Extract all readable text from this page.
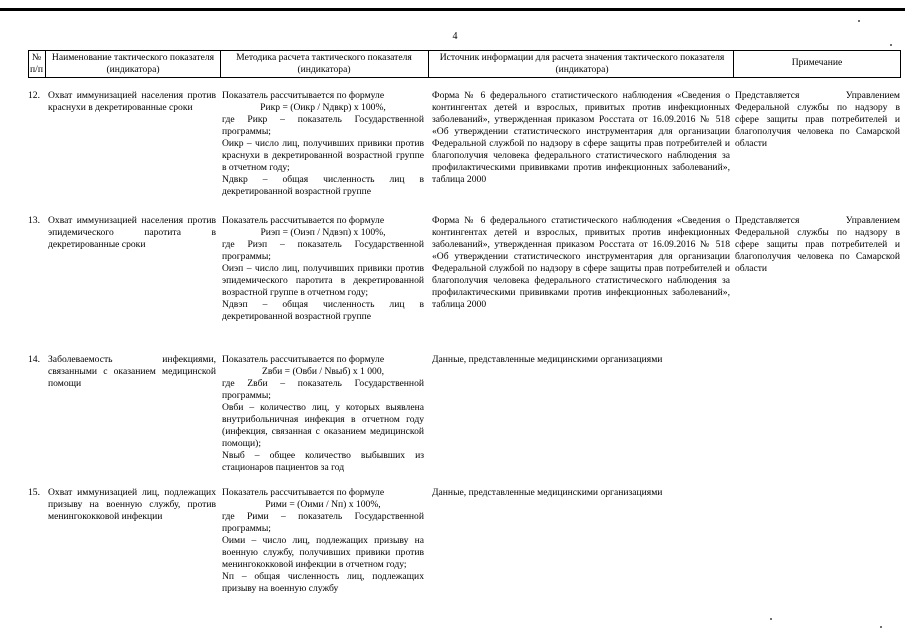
4
№ п/п
Наименование тактического показателя (индикатора)
Методика расчета тактического показателя (индикатора)
Источник информации для расчета значения тактического показателя (индикатора)
Примечание
12. Охват иммунизацией населения против краснухи в декретированные сроки

Показатель рассчитывается по формуле

Pикр = (Oикр / Nдвкр) x 100%,

где Pикр – показатель Государственной программы;

Oикр – число лиц, получивших привики против краснухи в декретированной возрастной группе в отчетном году;

Nдвкр – общая численность лиц в декретированной возрастной группе

Форма № 6 федерального статистического наблюдения «Сведения о контингентах детей и взрослых, привитых против инфекционных заболеваний», утвержденная приказом Росстата от 16.09.2016 № 518 «Об утверждении статистического инструментария для организации Федеральной службой по надзору в сфере защиты прав потребителей и благополучия человека федерального статистического наблюдения за профилактическими прививками против инфекционных заболеваний», таблица 2000
Представляется Управлением Федеральной службы по надзору в сфере защиты прав потребителей и благополучия человека по Самарской области
13. Охват иммунизацией населения против эпидемического паротита в декретированные сроки

Показатель рассчитывается по формуле

Pиэп = (Oиэп / Nдвэп) x 100%,

где Pиэп – показатель Государственной программы;

Oиэп – число лиц, получивших привики против эпидемического паротита в декретированной возрастной группе в отчетном году;

Nдвэп – общая численность лиц в декретированной возрастной группе

Форма № 6 федерального статистического наблюдения «Сведения о контингентах детей и взрослых, привитых против инфекционных заболеваний», утвержденная приказом Росстата от 16.09.2016 № 518 «Об утверждении статистического инструментария для организации Федеральной службой по надзору в сфере защиты прав потребителей и благополучия человека федерального статистического наблюдения за профилактическими прививками против инфекционных заболеваний», таблица 2000
Представляется Управлением Федеральной службы по надзору в сфере защиты прав потребителей и благополучия человека по Самарской области
14. Заболеваемость инфекциями, связанными с оказанием медицинской помощи

Показатель рассчитывается по формуле

Zвби = (Oвби / Nвыб) x 1 000,

где Zвби – показатель Государственной программы;

Oвби – количество лиц, у которых выявлена внутрибольничная инфекция в отчетном году (инфекция, связанная с оказанием медицинской помощи);

Nвыб – общее количество выбывших из стационаров пациентов за год

Данные, представленные медицинскими организациями
15. Охват иммунизацией лиц, подлежащих призыву на военную службу, против менингококковой инфекции

Показатель рассчитывается по формуле

Pими = (Oими / Nп) x 100%,

где Pими – показатель Государственной программы;

Oими – число лиц, подлежащих призыву на военную службу, получивших привики против менингококковой инфекции в отчетном году;

Nп – общая численность лиц, подлежащих призыву на военную службу

Данные, представленные медицинскими организациями
